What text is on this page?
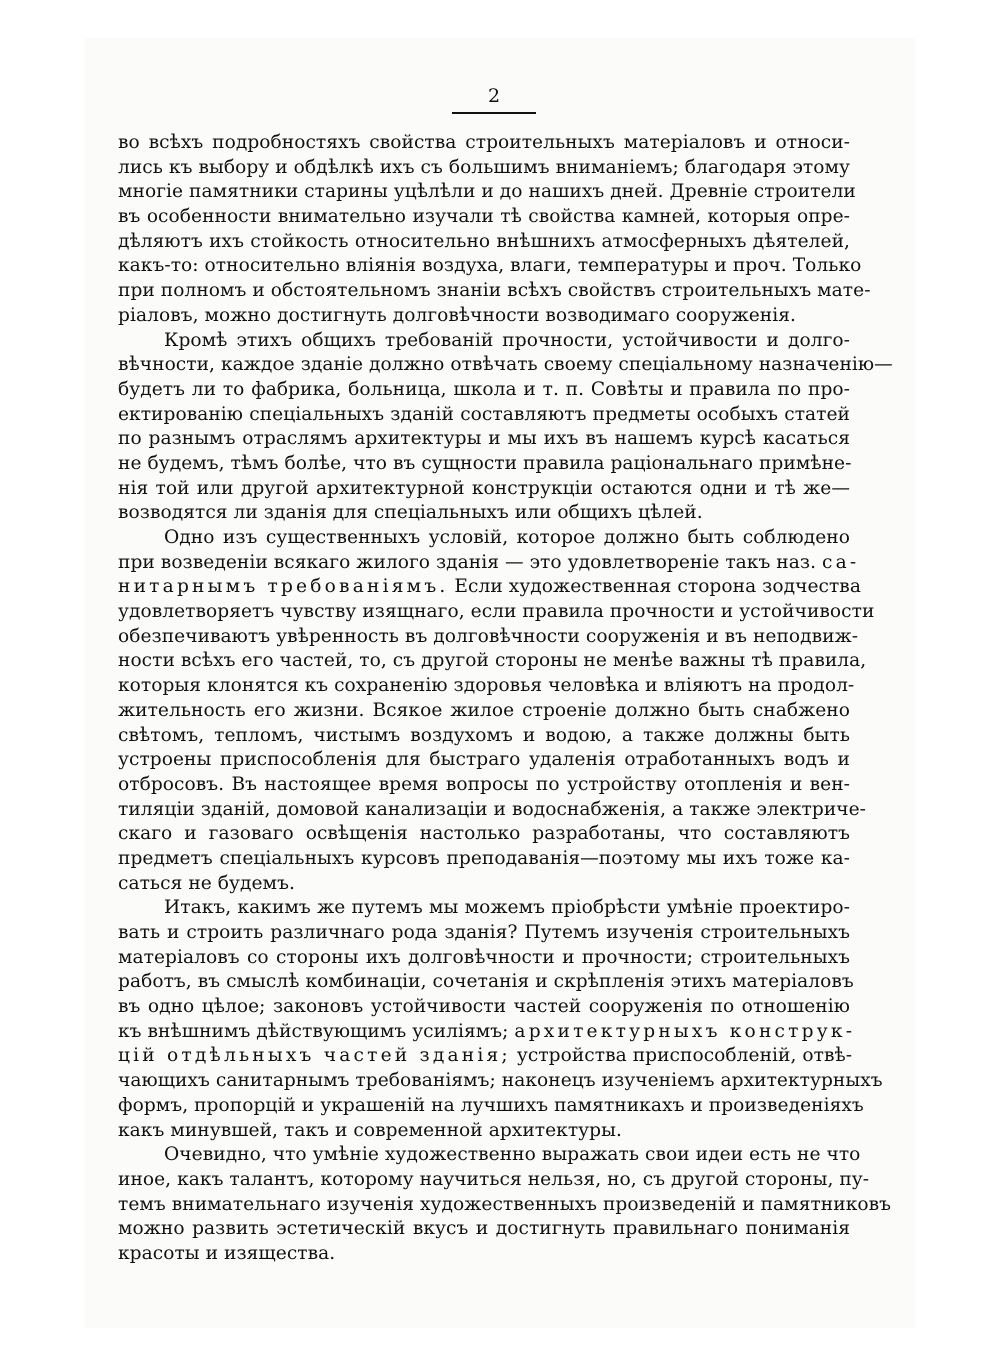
2
во всѣхъ подробностяхъ свойства строительныхъ матеріаловъ и относи-
лись къ выбору и обдѣлкѣ ихъ съ большимъ вниманіемъ; благодаря этому
многіе памятники старины уцѣлѣли и до нашихъ дней. Древніе строители
въ особенности внимательно изучали тѣ свойства камней, которыя опре-
дѣляютъ ихъ стойкость относительно внѣшнихъ атмосферныхъ дѣятелей,
какъ-то: относительно вліянія воздуха, влаги, температуры и проч. Только
при полномъ и обстоятельномъ знаніи всѣхъ свойствъ строительныхъ мате-
ріаловъ, можно достигнуть долговѣчности возводимаго сооруженія.
Кромѣ этихъ общихъ требованій прочности, устойчивости и долго-
вѣчности, каждое зданіе должно отвѣчать своему спеціальному назначенію—
будетъ ли то фабрика, больница, школа и т. п. Совѣты и правила по про-
ектированію спеціальныхъ зданій составляютъ предметы особыхъ статей
по разнымъ отраслямъ архитектуры и мы ихъ въ нашемъ курсѣ касаться
не будемъ, тѣмъ болѣе, что въ сущности правила раціональнаго примѣне-
нія той или другой архитектурной конструкціи остаются одни и тѣ же—
возводятся ли зданія для спеціальныхъ или общихъ цѣлей.
Одно изъ существенныхъ условій, которое должно быть соблюдено
при возведеніи всякаго жилого зданія — это удовлетвореніе такъ наз. са-
нитарнымъ требованіямъ. Если художественная сторона зодчества
удовлетворяетъ чувству изящнаго, если правила прочности и устойчивости
обезпечиваютъ увѣренность въ долговѣчности сооруженія и въ неподвиж-
ности всѣхъ его частей, то, съ другой стороны не менѣе важны тѣ правила,
которыя клонятся къ сохраненію здоровья человѣка и вліяютъ на продол-
жительность его жизни. Всякое жилое строеніе должно быть снабжено
свѣтомъ, тепломъ, чистымъ воздухомъ и водою, а также должны быть
устроены приспособленія для быстраго удаленія отработанныхъ водъ и
отбросовъ. Въ настоящее время вопросы по устройству отопленія и вен-
тиляціи зданій, домовой канализаціи и водоснабженія, а также электриче-
скаго и газоваго освѣщенія настолько разработаны, что составляютъ
предметъ спеціальныхъ курсовъ преподаванія—поэтому мы ихъ тоже ка-
саться не будемъ.
Итакъ, какимъ же путемъ мы можемъ пріобрѣсти умѣніе проектиро-
вать и строить различнаго рода зданія? Путемъ изученія строительныхъ
матеріаловъ со стороны ихъ долговѣчности и прочности; строительныхъ
работъ, въ смыслѣ комбинаціи, сочетанія и скрѣпленія этихъ матеріаловъ
въ одно цѣлое; законовъ устойчивости частей сооруженія по отношенію
къ внѣшнимъ дѣйствующимъ усиліямъ; архитектурныхъ конструк-
цій отдѣльныхъ частей зданія; устройства приспособленій, отвѣ-
чающихъ санитарнымъ требованіямъ; наконецъ изученіемъ архитектурныхъ
формъ, пропорцій и украшеній на лучшихъ памятникахъ и произведеніяхъ
какъ минувшей, такъ и современной архитектуры.
Очевидно, что умѣніе художественно выражать свои идеи есть не что
иное, какъ талантъ, которому научиться нельзя, но, съ другой стороны, пу-
темъ внимательнаго изученія художественныхъ произведеній и памятниковъ
можно развить эстетическій вкусъ и достигнуть правильнаго пониманія
красоты и изящества.
